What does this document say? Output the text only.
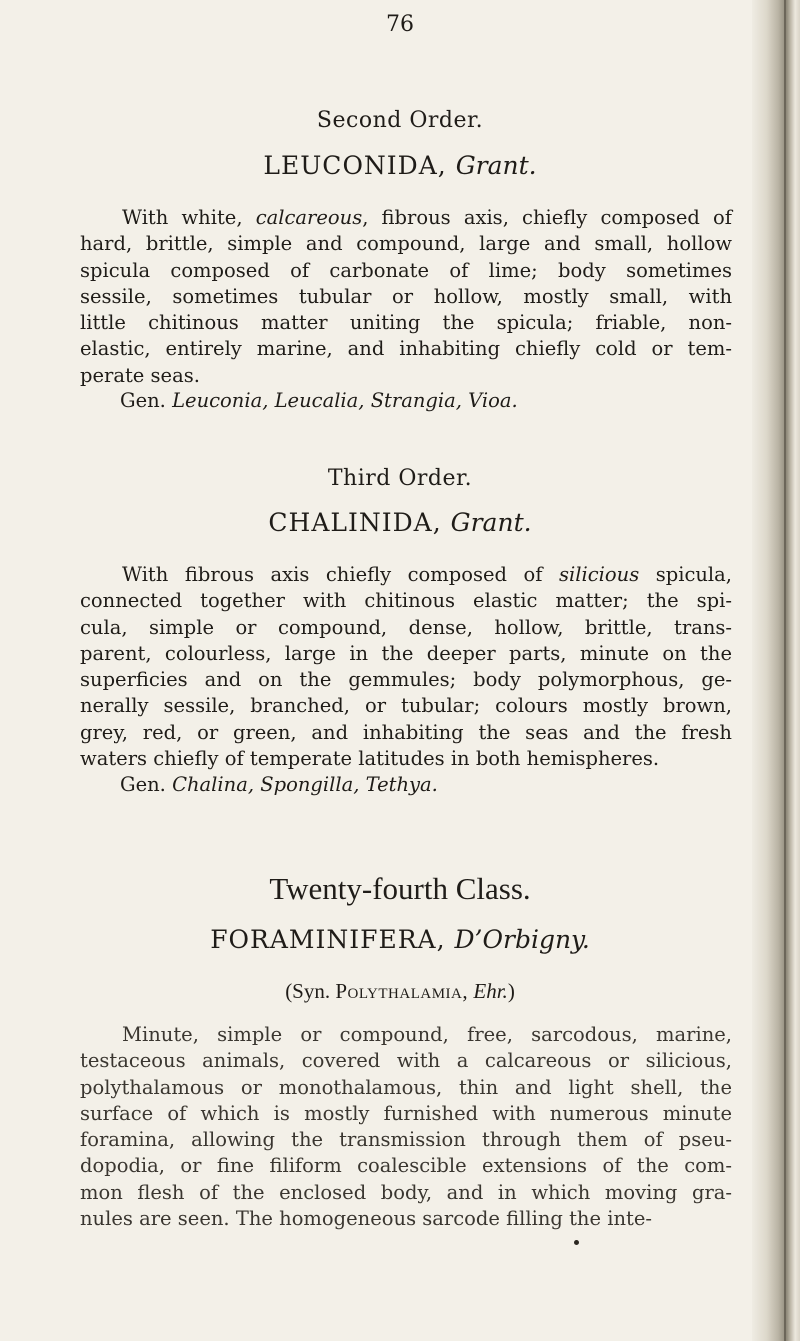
76
Second Order.
LEUCONIDA, Grant.
With white, calcareous, fibrous axis, chiefly composed of
hard, brittle, simple and compound, large and small, hollow
spicula composed of carbonate of lime; body sometimes
sessile, sometimes tubular or hollow, mostly small, with
little chitinous matter uniting the spicula; friable, non-
elastic, entirely marine, and inhabiting chiefly cold or tem-
perate seas.
Gen. Leuconia, Leucalia, Strangia, Vioa.
Third Order.
CHALINIDA, Grant.
With fibrous axis chiefly composed of silicious spicula,
connected together with chitinous elastic matter; the spi-
cula, simple or compound, dense, hollow, brittle, trans-
parent, colourless, large in the deeper parts, minute on the
superficies and on the gemmules; body polymorphous, ge-
nerally sessile, branched, or tubular; colours mostly brown,
grey, red, or green, and inhabiting the seas and the fresh
waters chiefly of temperate latitudes in both hemispheres.
Gen. Chalina, Spongilla, Tethya.
Twenty-fourth Class.
FORAMINIFERA, D’Orbigny.
(Syn. Polythalamia, Ehr.)
Minute, simple or compound, free, sarcodous, marine,
testaceous animals, covered with a calcareous or silicious,
polythalamous or monothalamous, thin and light shell, the
surface of which is mostly furnished with numerous minute
foramina, allowing the transmission through them of pseu-
dopodia, or fine filiform coalescible extensions of the com-
mon flesh of the enclosed body, and in which moving gra-
nules are seen. The homogeneous sarcode filling the inte-
